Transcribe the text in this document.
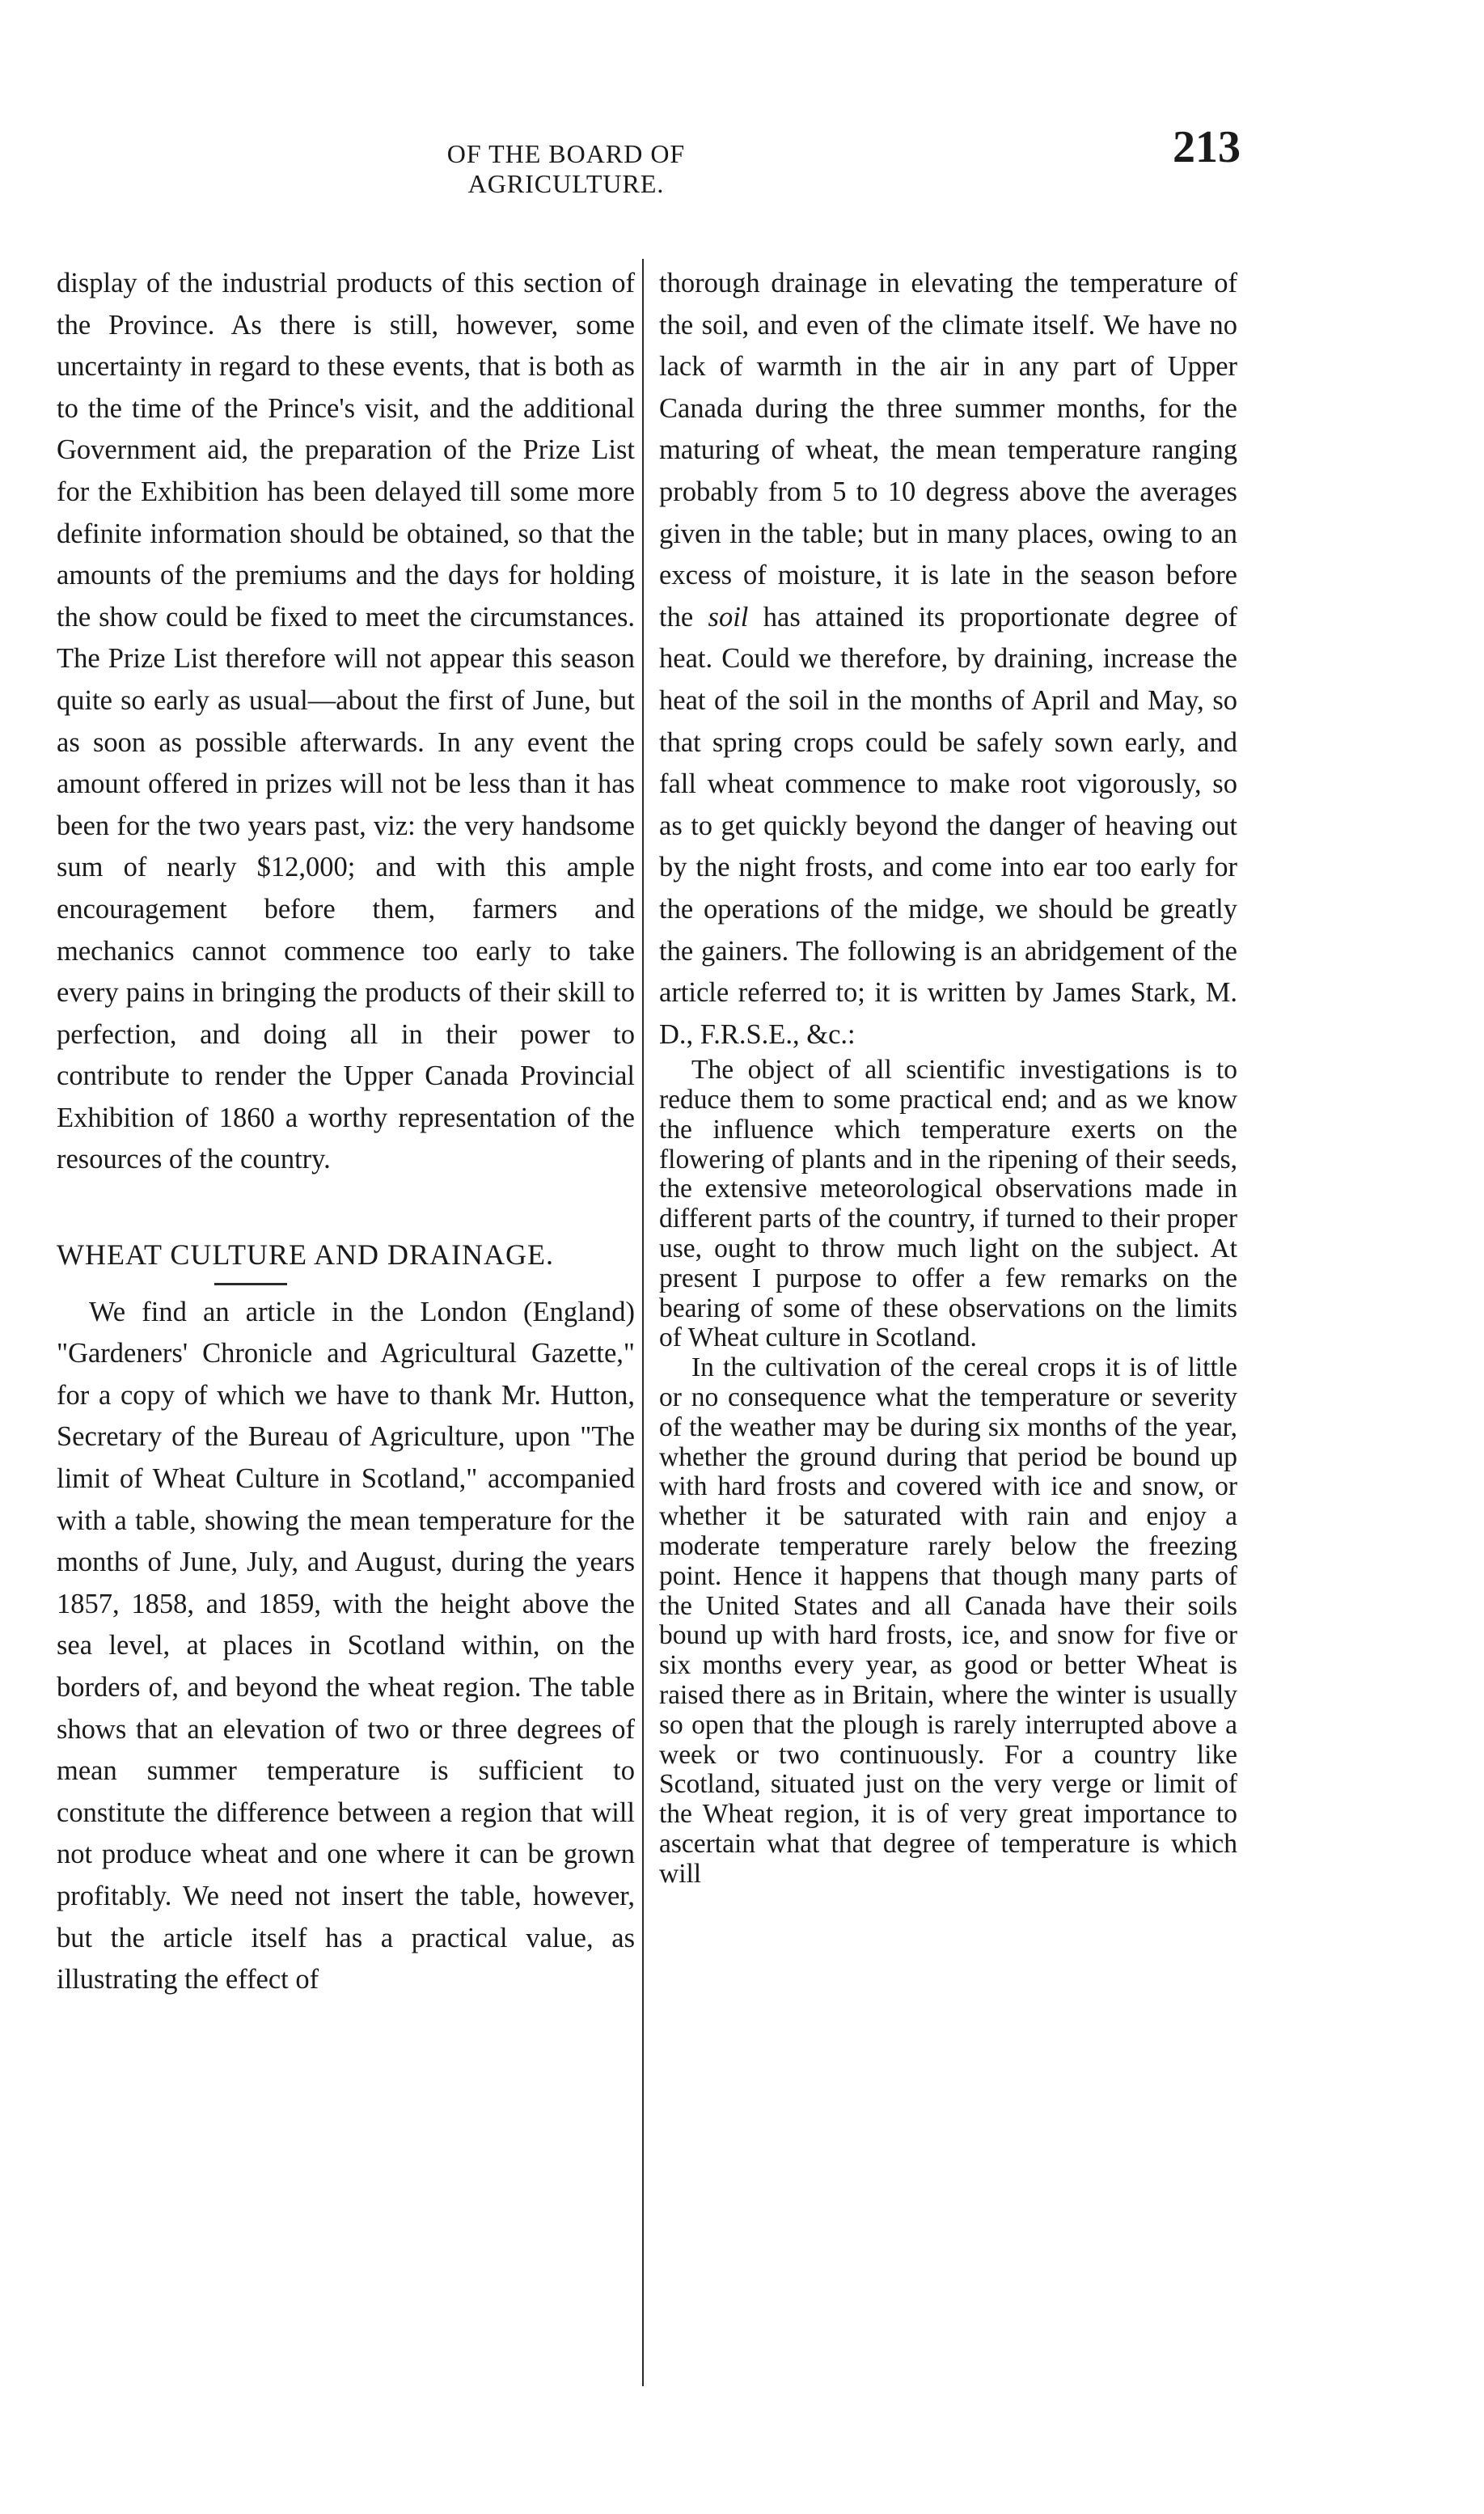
OF THE BOARD OF AGRICULTURE.
213

display of the industrial products of this section of the Province. As there is still, however, some uncertainty in regard to these events, that is both as to the time of the Prince's visit, and the additional Government aid, the preparation of the Prize List for the Exhibition has been delayed till some more definite information should be obtained, so that the amounts of the premiums and the days for holding the show could be fixed to meet the circumstances. The Prize List therefore will not appear this season quite so early as usual—about the first of June, but as soon as possible afterwards. In any event the amount offered in prizes will not be less than it has been for the two years past, viz: the very handsome sum of nearly $12,000; and with this ample encouragement before them, farmers and mechanics cannot commence too early to take every pains in bringing the products of their skill to perfection, and doing all in their power to contribute to render the Upper Canada Provincial Exhibition of 1860 a worthy representation of the resources of the country.

WHEAT CULTURE AND DRAINAGE.

We find an article in the London (England) "Gardeners' Chronicle and Agricultural Gazette," for a copy of which we have to thank Mr. Hutton, Secretary of the Bureau of Agriculture, upon "The limit of Wheat Culture in Scotland," accompanied with a table, showing the mean temperature for the months of June, July, and August, during the years 1857, 1858, and 1859, with the height above the sea level, at places in Scotland within, on the borders of, and beyond the wheat region. The table shows that an elevation of two or three degrees of mean summer temperature is sufficient to constitute the difference between a region that will not produce wheat and one where it can be grown profitably. We need not insert the table, however, but the article itself has a practical value, as illustrating the effect of

thorough drainage in elevating the temperature of the soil, and even of the climate itself. We have no lack of warmth in the air in any part of Upper Canada during the three summer months, for the maturing of wheat, the mean temperature ranging probably from 5 to 10 degress above the averages given in the table; but in many places, owing to an excess of moisture, it is late in the season before the soil has attained its proportionate degree of heat. Could we therefore, by draining, increase the heat of the soil in the months of April and May, so that spring crops could be safely sown early, and fall wheat commence to make root vigorously, so as to get quickly beyond the danger of heaving out by the night frosts, and come into ear too early for the operations of the midge, we should be greatly the gainers. The following is an abridgement of the article referred to; it is written by James Stark, M. D., F.R.S.E., &c.:

The object of all scientific investigations is to reduce them to some practical end; and as we know the influence which temperature exerts on the flowering of plants and in the ripening of their seeds, the extensive meteorological observations made in different parts of the country, if turned to their proper use, ought to throw much light on the subject. At present I purpose to offer a few remarks on the bearing of some of these observations on the limits of Wheat culture in Scotland.

In the cultivation of the cereal crops it is of little or no consequence what the temperature or severity of the weather may be during six months of the year, whether the ground during that period be bound up with hard frosts and covered with ice and snow, or whether it be saturated with rain and enjoy a moderate temperature rarely below the freezing point. Hence it happens that though many parts of the United States and all Canada have their soils bound up with hard frosts, ice, and snow for five or six months every year, as good or better Wheat is raised there as in Britain, where the winter is usually so open that the plough is rarely interrupted above a week or two continuously. For a country like Scotland, situated just on the very verge or limit of the Wheat region, it is of very great importance to ascertain what that degree of temperature is which will
